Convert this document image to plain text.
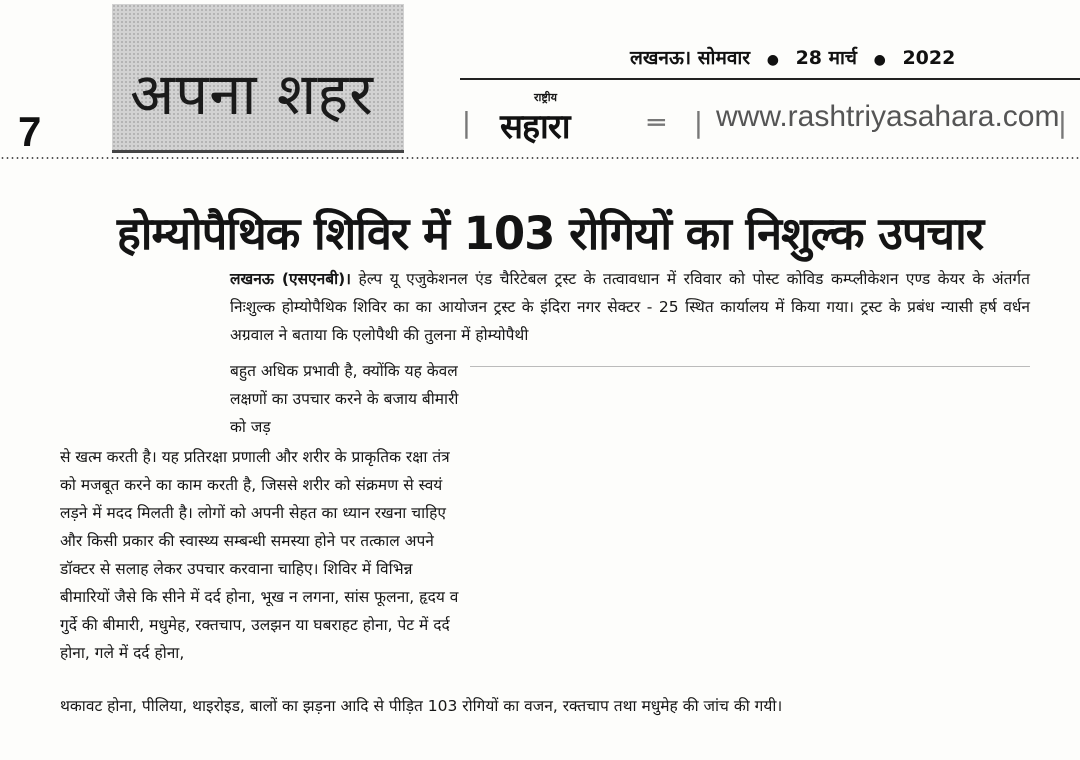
अपना शहर
7
लखनऊ। सोमवार ● 28 मार्च ● 2022
|
राष्ट्रीय
सहारा	═ | www.rashtriyasahara.com
|
होम्योपैथिक शिविर में 103 रोगियों का निशुल्क उपचार
लखनऊ (एसएनबी)। हेल्प यू एजुकेशनल एंड चैरिटेबल ट्रस्ट के तत्वावधान में रविवार को पोस्ट कोविड कम्प्लीकेशन एण्ड केयर के अंतर्गत निःशुल्क होम्योपैथिक शिविर का का आयोजन ट्रस्ट के इंदिरा नगर सेक्टर - 25 स्थित कार्यालय में किया गया। ट्रस्ट के प्रबंध न्यासी हर्ष वर्धन अग्रवाल ने बताया कि एलोपैथी की तुलना में होम्योपैथी
बहुत अधिक प्रभावी है, क्योंकि यह केवल लक्षणों का उपचार करने के बजाय बीमारी को जड़
से खत्म करती है। यह प्रतिरक्षा प्रणाली और शरीर के प्राकृतिक रक्षा तंत्र को मजबूत करने का काम करती है, जिससे शरीर को संक्रमण से स्वयं लड़ने में मदद मिलती है। लोगों को अपनी सेहत का ध्यान रखना चाहिए और किसी प्रकार की स्वास्थ्य सम्बन्धी समस्या होने पर तत्काल अपने डॉक्टर से सलाह लेकर उपचार करवाना चाहिए। शिविर में विभिन्न बीमारियों जैसे कि सीने में दर्द होना, भूख न लगना, सांस फूलना, हृदय व गुर्दे की बीमारी, मधुमेह, रक्तचाप, उलझन या घबराहट होना, पेट में दर्द होना, गले में दर्द होना,
थकावट होना, पीलिया, थाइरोइड, बालों का झड़ना आदि से पीड़ित 103 रोगियों का वजन, रक्तचाप तथा मधुमेह की जांच की गयी।
